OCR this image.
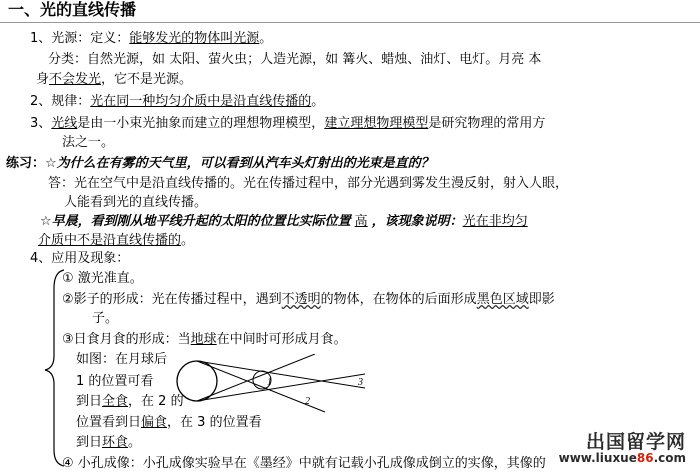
一、光的直线传播
1、光源：定义：能够发光的物体叫光源。
分类：自然光源，如 太阳、萤火虫；人造光源，如 篝火、蜡烛、油灯、电灯。月亮 本
身不会发光，它不是光源。
2、规律：光在同一种均匀介质中是沿直线传播的。
3、光线是由一小束光抽象而建立的理想物理模型，建立理想物理模型是研究物理的常用方
法之一。
练习：☆为什么在有雾的天气里，可以看到从汽车头灯射出的光束是直的？
答：光在空气中是沿直线传播的。光在传播过程中，部分光遇到雾发生漫反射，射入人眼，
人能看到光的直线传播。
☆早晨，看到刚从地平线升起的太阳的位置比实际位置 高 ，该现象说明：光在非均匀
介质中不是沿直线传播的。
4、应用及现象：
① 激光准直。
②影子的形成：光在传播过程中，遇到不透明的物体，在物体的后面形成黑色区域即影
子。
③日食月食的形成：当地球在中间时可形成月食。
如图：在月球后
1 的位置可看
到日全食，在 2 的
位置看到日偏食，在 3 的位置看
到日环食。
1
2
3
④ 小孔成像：小孔成像实验早在《墨经》中就有记载小孔成像成倒立的实像，其像的
出国留学网
www.liuxue86.com
